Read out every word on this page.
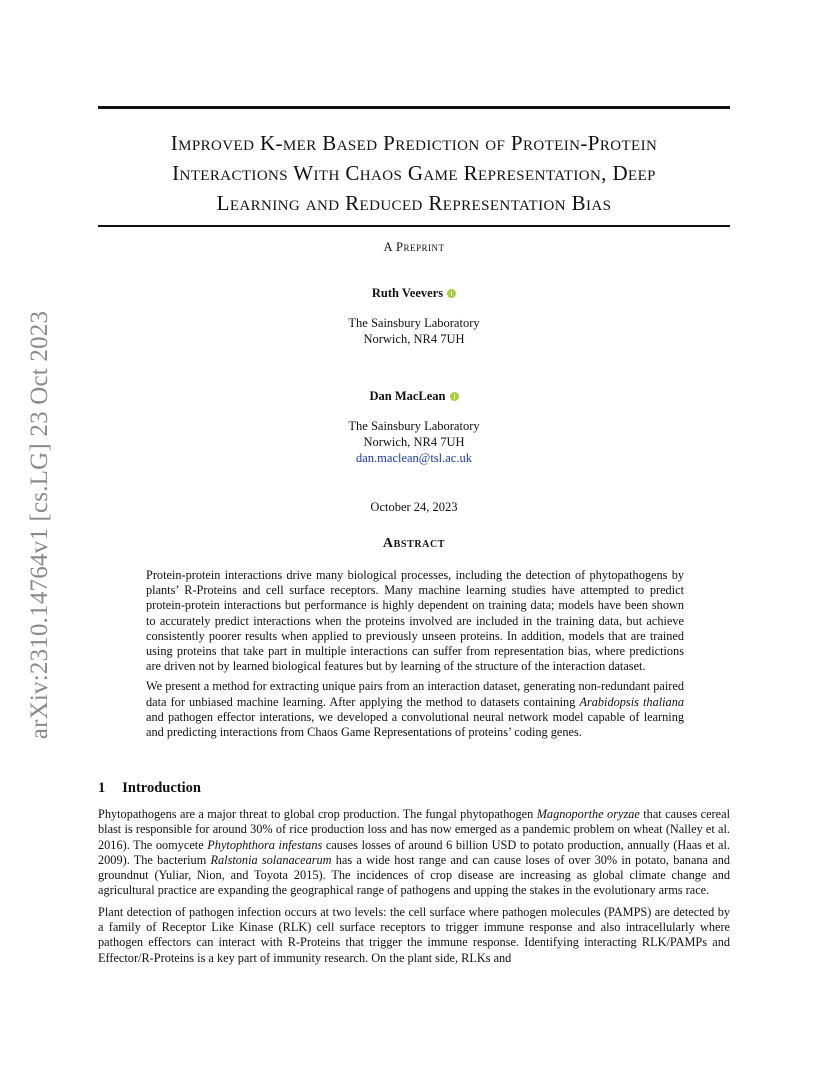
arXiv:2310.14764v1 [cs.LG] 23 Oct 2023
Improved K-mer Based Prediction of Protein-Protein
Interactions With Chaos Game Representation, Deep
Learning and Reduced Representation Bias
A Preprint
Ruth Veevers
The Sainsbury Laboratory
Norwich, NR4 7UH
Dan MacLean
The Sainsbury Laboratory
Norwich, NR4 7UH
dan.maclean@tsl.ac.uk
October 24, 2023
Abstract

Protein-protein interactions drive many biological processes, including the detection of phytopathogens by plants’ R-Proteins and cell surface receptors. Many machine learning studies have attempted to predict protein-protein interactions but performance is highly dependent on training data; models have been shown to accurately predict interactions when the proteins involved are included in the training data, but achieve consistently poorer results when applied to previously unseen proteins. In addition, models that are trained using proteins that take part in multiple interactions can suffer from representation bias, where predictions are driven not by learned biological features but by learning of the structure of the interaction dataset.

We present a method for extracting unique pairs from an interaction dataset, generating non-redundant paired data for unbiased machine learning. After applying the method to datasets containing Arabidopsis thaliana and pathogen effector interations, we developed a convolutional neural network model capable of learning and predicting interactions from Chaos Game Representations of proteins’ coding genes.

1 Introduction

Phytopathogens are a major threat to global crop production. The fungal phytopathogen Magnoporthe oryzae that causes cereal blast is responsible for around 30% of rice production loss and has now emerged as a pandemic problem on wheat (Nalley et al. 2016). The oomycete Phytophthora infestans causes losses of around 6 billion USD to potato production, annually (Haas et al. 2009). The bacterium Ralstonia solanacearum has a wide host range and can cause loses of over 30% in potato, banana and groundnut (Yuliar, Nion, and Toyota 2015). The incidences of crop disease are increasing as global climate change and agricultural practice are expanding the geographical range of pathogens and upping the stakes in the evolutionary arms race.

Plant detection of pathogen infection occurs at two levels: the cell surface where pathogen molecules (PAMPS) are detected by a family of Receptor Like Kinase (RLK) cell surface receptors to trigger immune response and also intracellularly where pathogen effectors can interact with R-Proteins that trigger the immune response. Identifying interacting RLK/PAMPs and Effector/R-Proteins is a key part of immunity research. On the plant side, RLKs and
